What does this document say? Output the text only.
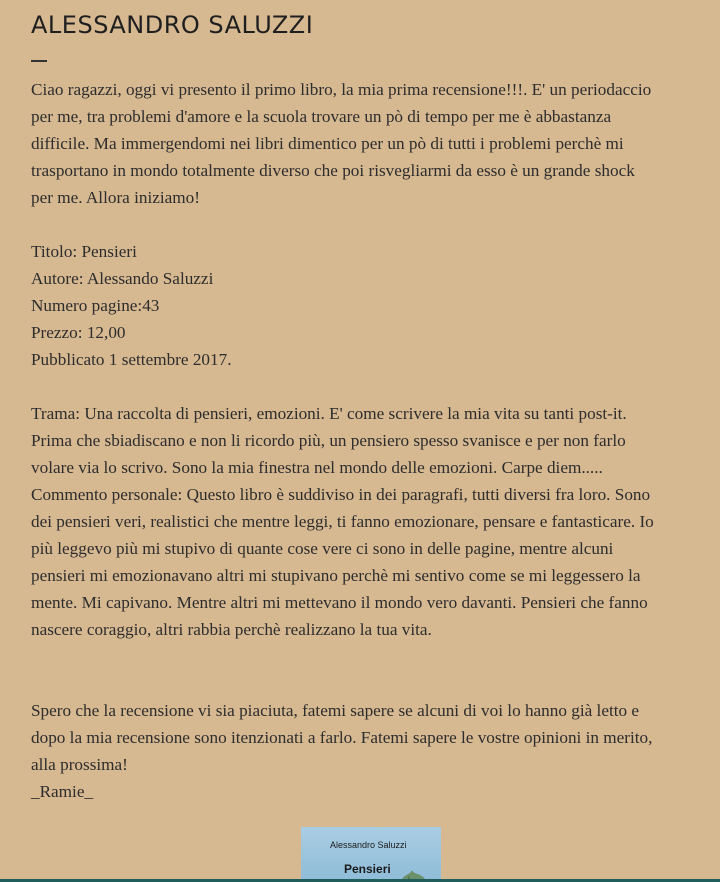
ALESSANDRO SALUZZI

Ciao ragazzi, oggi vi presento il primo libro, la mia prima recensione!!!. E' un periodaccio
per me, tra problemi d'amore e la scuola trovare un pò di tempo per me è abbastanza
difficile. Ma immergendomi nei libri dimentico per un pò di tutti i problemi perchè mi
trasportano in mondo totalmente diverso che poi risvegliarmi da esso è un grande shock
per me. Allora iniziamo!

Titolo: Pensieri
Autore: Alessando Saluzzi
Numero pagine:43
Prezzo: 12,00
Pubblicato 1 settembre 2017.

Trama: Una raccolta di pensieri, emozioni. E' come scrivere la mia vita su tanti post-it.
Prima che sbiadiscano e non li ricordo più, un pensiero spesso svanisce e per non farlo
volare via lo scrivo. Sono la mia finestra nel mondo delle emozioni. Carpe diem.....
Commento personale: Questo libro è suddiviso in dei paragrafi, tutti diversi fra loro. Sono
dei pensieri veri, realistici che mentre leggi, ti fanno emozionare, pensare e fantasticare. Io
più leggevo più mi stupivo di quante cose vere ci sono in delle pagine, mentre alcuni
pensieri mi emozionavano altri mi stupivano perchè mi sentivo come se mi leggessero la
mente. Mi capivano. Mentre altri mi mettevano il mondo vero davanti. Pensieri che fanno
nascere coraggio, altri rabbia perchè realizzano la tua vita.

Spero che la recensione vi sia piaciuta, fatemi sapere se alcuni di voi lo hanno già letto e
dopo la mia recensione sono itenzionati a farlo. Fatemi sapere le vostre opinioni in merito,
alla prossima!
_Ramie_

Alessandro Saluzzi
Pensieri
